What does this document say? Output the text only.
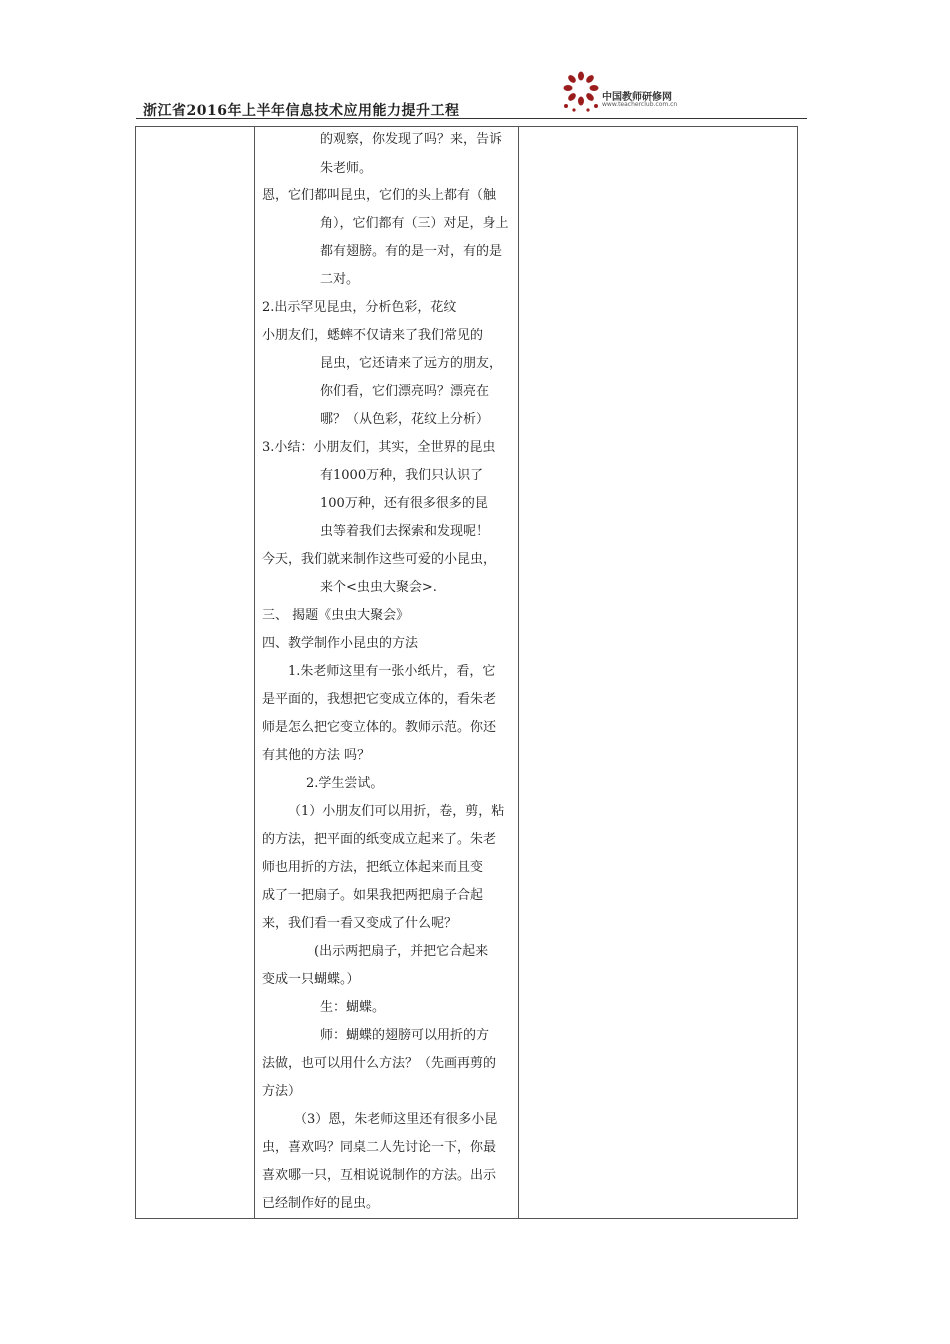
中国教师研修网
www.teacherclub.com.cn
浙江省2016年上半年信息技术应用能力提升工程
的观察，你发现了吗？来，告诉
朱老师。
恩，它们都叫昆虫，它们的头上都有（触
角），它们都有（三）对足，身上
都有翅膀。有的是一对，有的是
二对。
2.出示罕见昆虫，分析色彩，花纹
小朋友们，蟋蟀不仅请来了我们常见的
昆虫，它还请来了远方的朋友，
你们看，它们漂亮吗？漂亮在
哪？（从色彩，花纹上分析）
3.小结：小朋友们，其实，全世界的昆虫
有1000万种，我们只认识了
100万种，还有很多很多的昆
虫等着我们去探索和发现呢！
今天，我们就来制作这些可爱的小昆虫，
来个<虫虫大聚会>.
三、 揭题《虫虫大聚会》
四、教学制作小昆虫的方法
1.朱老师这里有一张小纸片，看，它
是平面的，我想把它变成立体的，看朱老
师是怎么把它变立体的。教师示范。你还
有其他的方法 吗？
2.学生尝试。
（1）小朋友们可以用折，卷，剪，粘
的方法，把平面的纸变成立起来了。朱老
师也用折的方法，把纸立体起来而且变
成了一把扇子。如果我把两把扇子合起
来，我们看一看又变成了什么呢？
(出示两把扇子，并把它合起来
变成一只蝴蝶。）
生：蝴蝶。
师：蝴蝶的翅膀可以用折的方
法做，也可以用什么方法？（先画再剪的
方法）
（3）恩，朱老师这里还有很多小昆
虫，喜欢吗？同桌二人先讨论一下，你最
喜欢哪一只，互相说说制作的方法。出示
已经制作好的昆虫。
